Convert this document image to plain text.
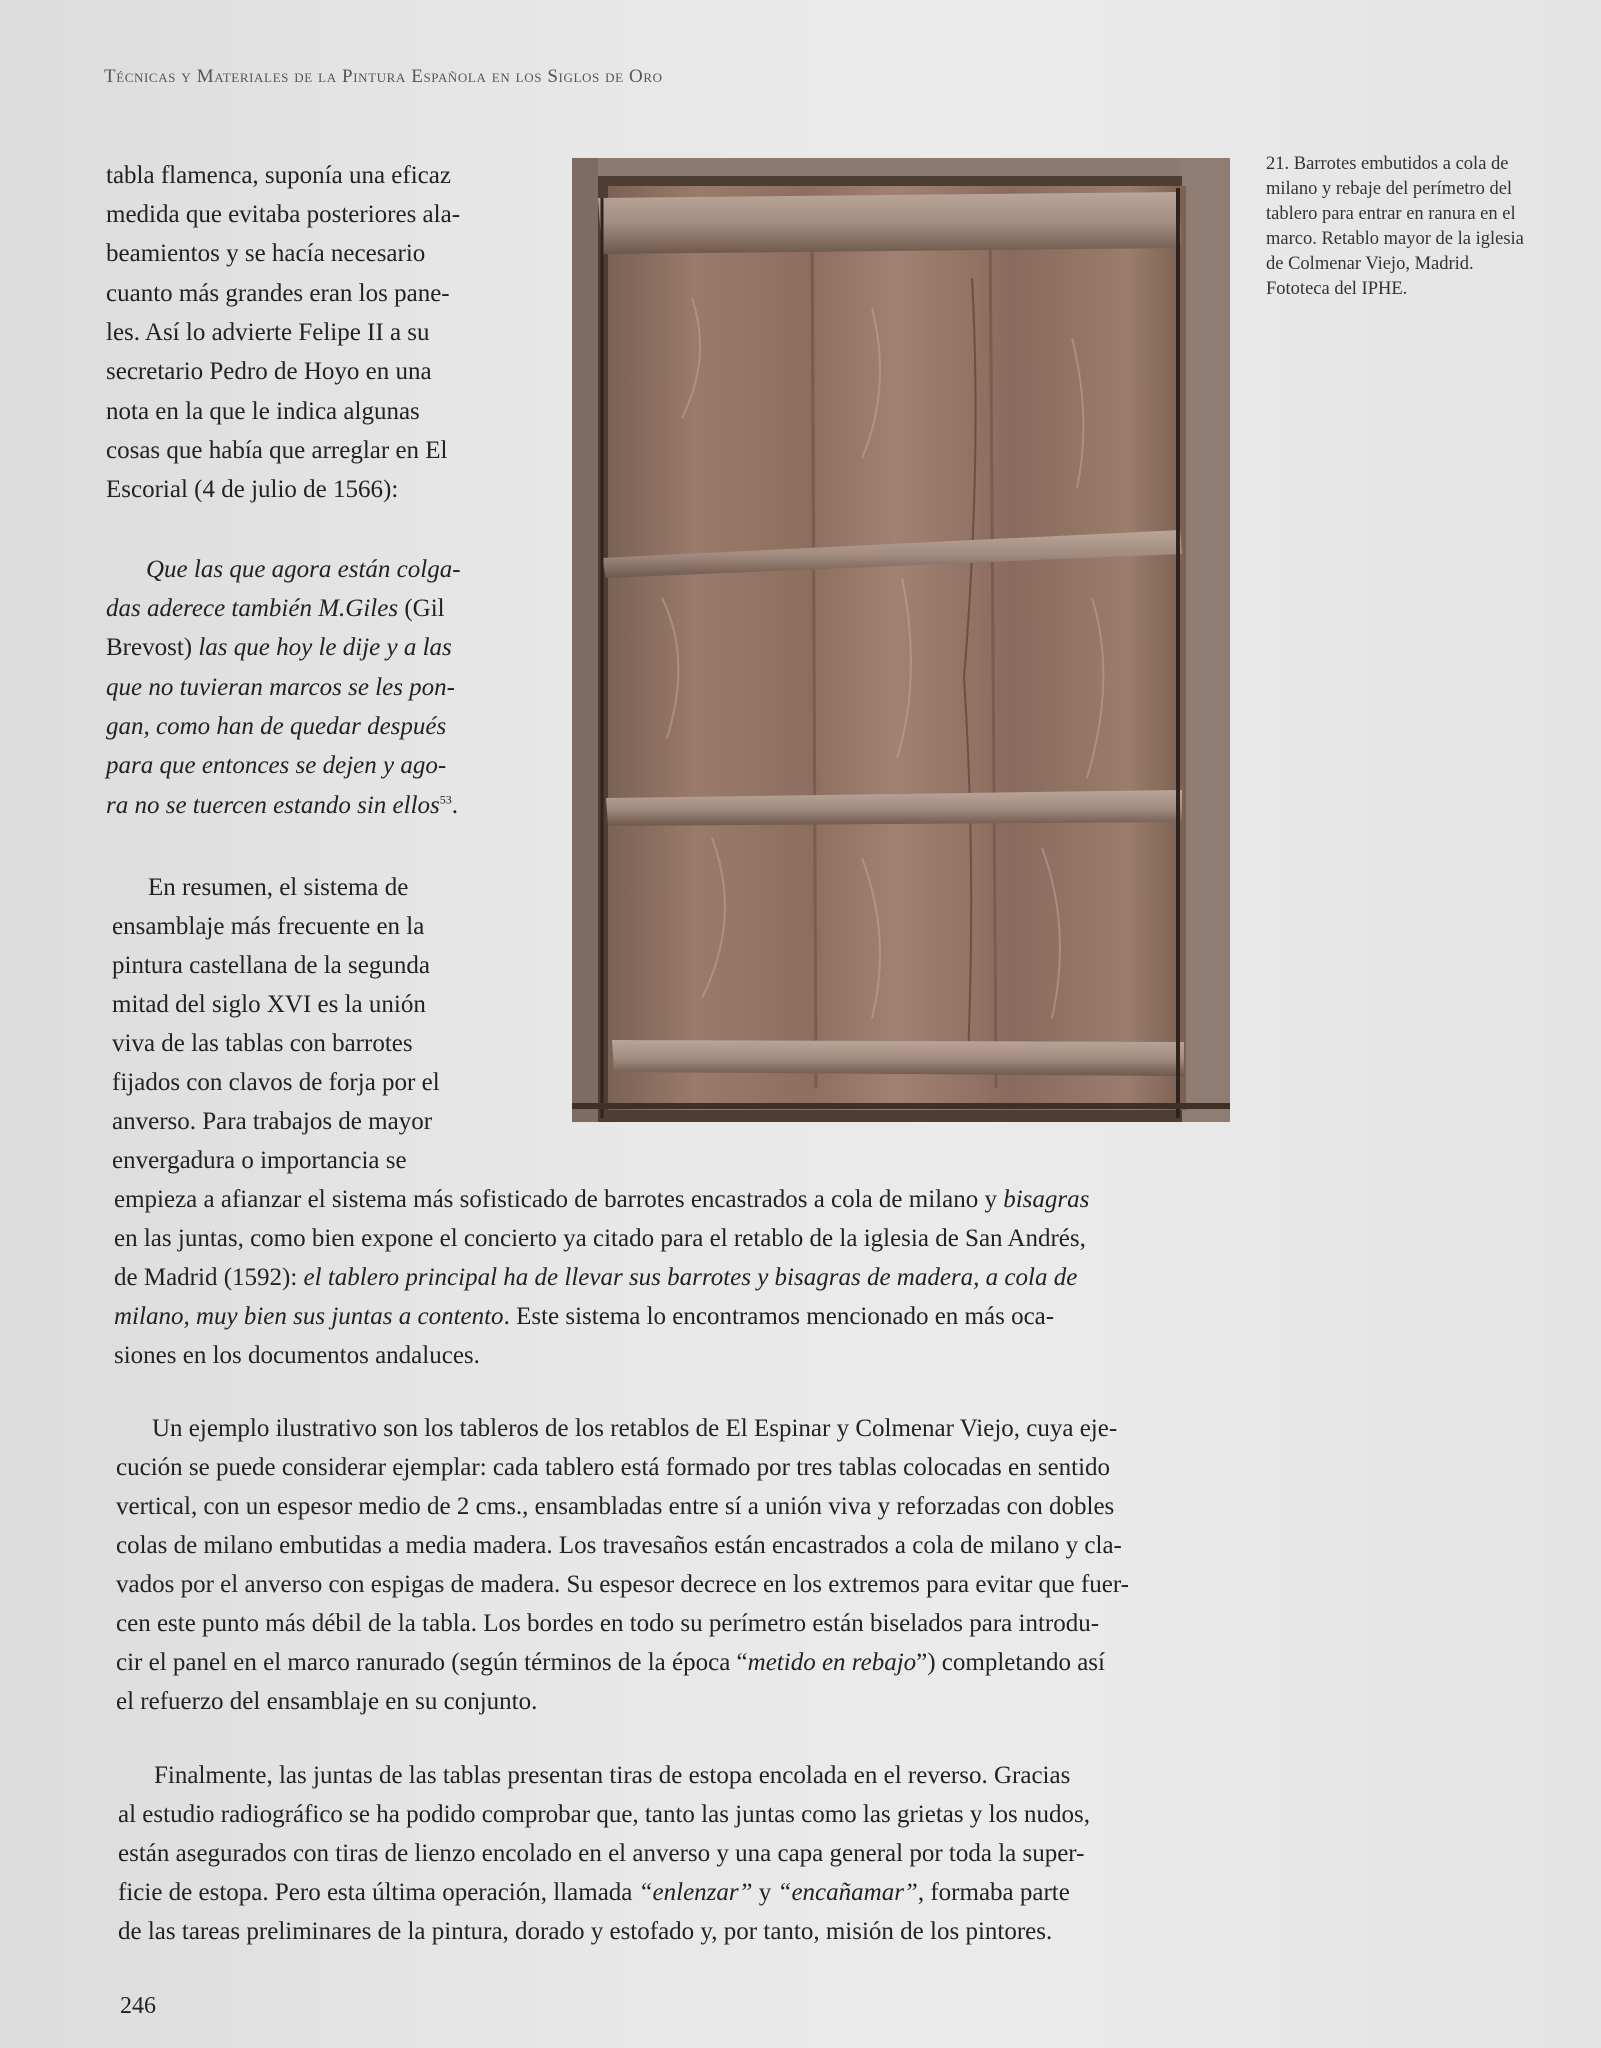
Técnicas y Materiales de la Pintura Española en los Siglos de Oro
21. Barrotes embutidos a cola de
milano y rebaje del perímetro del
tablero para entrar en ranura en el
marco. Retablo mayor de la iglesia
de Colmenar Viejo, Madrid.
Fototeca del IPHE.
tabla flamenca, suponía una eficaz
medida que evitaba posteriores ala-
beamientos y se hacía necesario
cuanto más grandes eran los pane-
les. Así lo advierte Felipe II a su
secretario Pedro de Hoyo en una
nota en la que le indica algunas
cosas que había que arreglar en El
Escorial (4 de julio de 1566):
Que las que agora están colga-
das aderece también M.Giles (Gil
Brevost) las que hoy le dije y a las
que no tuvieran marcos se les pon-
gan, como han de quedar después
para que entonces se dejen y ago-
ra no se tuercen estando sin ellos$^{53}$.
En resumen, el sistema de
ensamblaje más frecuente en la
pintura castellana de la segunda
mitad del siglo XVI es la unión
viva de las tablas con barrotes
fijados con clavos de forja por el
anverso. Para trabajos de mayor
envergadura o importancia se
empieza a afianzar el sistema más sofisticado de barrotes encastrados a cola de milano y bisagras
en las juntas, como bien expone el concierto ya citado para el retablo de la iglesia de San Andrés,
de Madrid (1592): el tablero principal ha de llevar sus barrotes y bisagras de madera, a cola de
milano, muy bien sus juntas a contento. Este sistema lo encontramos mencionado en más oca-
siones en los documentos andaluces.
Un ejemplo ilustrativo son los tableros de los retablos de El Espinar y Colmenar Viejo, cuya eje-
cución se puede considerar ejemplar: cada tablero está formado por tres tablas colocadas en sentido
vertical, con un espesor medio de 2 cms., ensambladas entre sí a unión viva y reforzadas con dobles
colas de milano embutidas a media madera. Los travesaños están encastrados a cola de milano y cla-
vados por el anverso con espigas de madera. Su espesor decrece en los extremos para evitar que fuer-
cen este punto más débil de la tabla. Los bordes en todo su perímetro están biselados para introdu-
cir el panel en el marco ranurado (según términos de la época “metido en rebajo”) completando así
el refuerzo del ensamblaje en su conjunto.
Finalmente, las juntas de las tablas presentan tiras de estopa encolada en el reverso. Gracias
al estudio radiográfico se ha podido comprobar que, tanto las juntas como las grietas y los nudos,
están asegurados con tiras de lienzo encolado en el anverso y una capa general por toda la super-
ficie de estopa. Pero esta última operación, llamada “enlenzar” y “encañamar”, formaba parte
de las tareas preliminares de la pintura, dorado y estofado y, por tanto, misión de los pintores.
246
